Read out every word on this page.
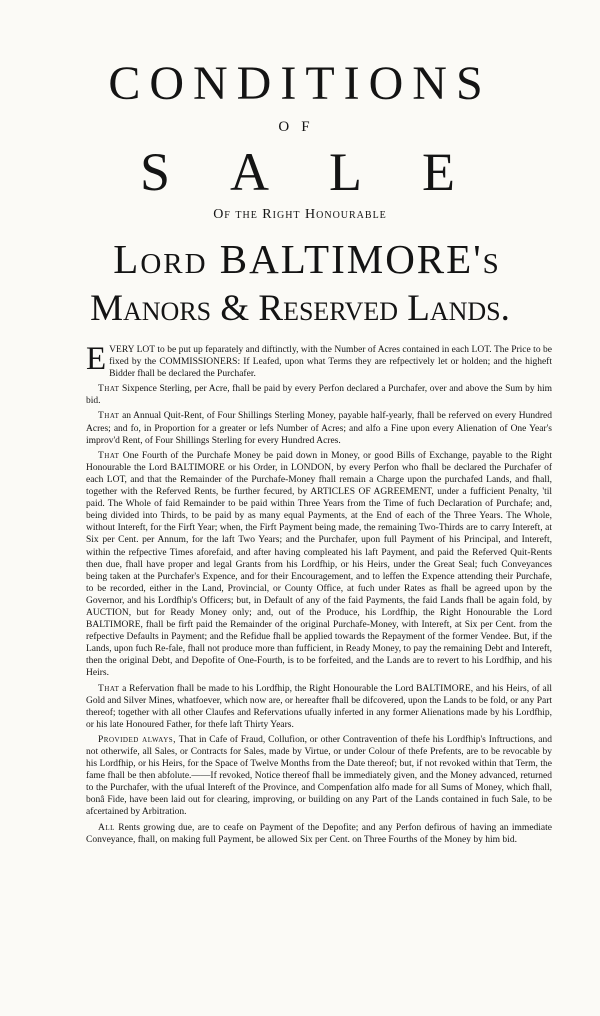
CONDITIONS
OF
SALE
Of the Right Honourable
Lord BALTIMORE's
Manors & Reserved Lands.

EVERY LOT to be put up feparately and diftinctly, with the Number of Acres contained in each LOT. The Price to be fixed by the COMMISSIONERS: If Leafed, upon what Terms they are refpectively let or holden; and the higheft Bidder fhall be declared the Purchafer.

That Sixpence Sterling, per Acre, fhall be paid by every Perfon declared a Purchafer, over and above the Sum by him bid.

That an Annual Quit-Rent, of Four Shillings Sterling Money, payable half-yearly, fhall be referved on every Hundred Acres; and fo, in Proportion for a greater or lefs Number of Acres; and alfo a Fine upon every Alienation of One Year's improv'd Rent, of Four Shillings Sterling for every Hundred Acres.

That One Fourth of the Purchafe Money be paid down in Money, or good Bills of Exchange, payable to the Right Honourable the Lord BALTIMORE or his Order, in LONDON, by every Perfon who fhall be declared the Purchafer of each LOT, and that the Remainder of the Purchafe-Money fhall remain a Charge upon the purchafed Lands, and fhall, together with the Referved Rents, be further fecured, by ARTICLES OF AGREEMENT, under a fufficient Penalty, 'til paid. The Whole of faid Remainder to be paid within Three Years from the Time of fuch Declaration of Purchafe; and, being divided into Thirds, to be paid by as many equal Payments, at the End of each of the Three Years. The Whole, without Intereft, for the Firft Year; when, the Firft Payment being made, the remaining Two-Thirds are to carry Intereft, at Six per Cent. per Annum, for the laft Two Years; and the Purchafer, upon full Payment of his Principal, and Intereft, within the refpective Times aforefaid, and after having compleated his laft Payment, and paid the Referved Quit-Rents then due, fhall have proper and legal Grants from his Lordfhip, or his Heirs, under the Great Seal; fuch Conveyances being taken at the Purchafer's Expence, and for their Encouragement, and to leffen the Expence attending their Purchafe, to be recorded, either in the Land, Provincial, or County Office, at fuch under Rates as fhall be agreed upon by the Governor, and his Lordfhip's Officers; but, in Default of any of the faid Payments, the faid Lands fhall be again fold, by AUCTION, but for Ready Money only; and, out of the Produce, his Lordfhip, the Right Honourable the Lord BALTIMORE, fhall be firft paid the Remainder of the original Purchafe-Money, with Intereft, at Six per Cent. from the refpective Defaults in Payment; and the Refidue fhall be applied towards the Repayment of the former Vendee. But, if the Lands, upon fuch Re-fale, fhall not produce more than fufficient, in Ready Money, to pay the remaining Debt and Intereft, then the original Debt, and Depofite of One-Fourth, is to be forfeited, and the Lands are to revert to his Lordfhip, and his Heirs.

That a Refervation fhall be made to his Lordfhip, the Right Honourable the Lord BALTIMORE, and his Heirs, of all Gold and Silver Mines, whatfoever, which now are, or hereafter fhall be difcovered, upon the Lands to be fold, or any Part thereof; together with all other Claufes and Refervations ufually inferted in any former Alienations made by his Lordfhip, or his late Honoured Father, for thefe laft Thirty Years.

Provided always, That in Cafe of Fraud, Collufion, or other Contravention of thefe his Lordfhip's Inftructions, and not otherwife, all Sales, or Contracts for Sales, made by Virtue, or under Colour of thefe Prefents, are to be revocable by his Lordfhip, or his Heirs, for the Space of Twelve Months from the Date thereof; but, if not revoked within that Term, the fame fhall be then abfolute.——If revoked, Notice thereof fhall be immediately given, and the Money advanced, returned to the Purchafer, with the ufual Intereft of the Province, and Compenfation alfo made for all Sums of Money, which fhall, bonâ Fide, have been laid out for clearing, improving, or building on any Part of the Lands contained in fuch Sale, to be afcertained by Arbitration.

All Rents growing due, are to ceafe on Payment of the Depofite; and any Perfon defirous of having an immediate Conveyance, fhall, on making full Payment, be allowed Six per Cent. on Three Fourths of the Money by him bid.
